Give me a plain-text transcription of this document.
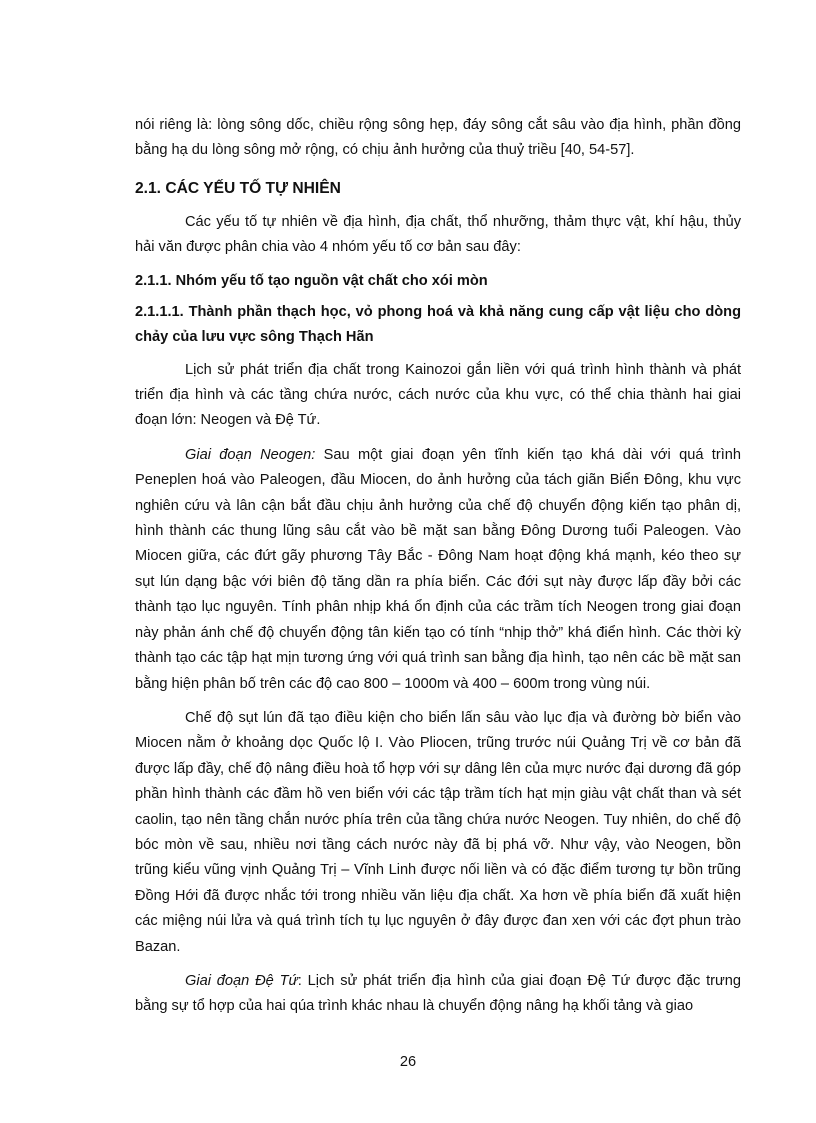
nói riêng là: lòng sông dốc, chiều rộng sông hẹp, đáy sông cắt sâu vào địa hình, phần đồng bằng hạ du lòng sông mở rộng, có chịu ảnh hưởng của thuỷ triều [40, 54-57].

2.1. CÁC YẾU TỐ TỰ NHIÊN

Các yếu tố tự nhiên về địa hình, địa chất, thổ nhưỡng, thảm thực vật, khí hậu, thủy hải văn được phân chia vào 4 nhóm yếu tố cơ bản sau đây:

2.1.1. Nhóm yếu tố tạo nguồn vật chất cho xói mòn
2.1.1.1. Thành phần thạch học, vỏ phong hoá và khả năng cung cấp vật liệu cho dòng chảy của lưu vực sông Thạch Hãn

Lịch sử phát triển địa chất trong Kainozoi gắn liền với quá trình hình thành và phát triển địa hình và các tầng chứa nước, cách nước của khu vực, có thể chia thành hai giai đoạn lớn: Neogen và Đệ Tứ.

Giai đoạn Neogen: Sau một giai đoạn yên tĩnh kiến tạo khá dài với quá trình Peneplen hoá vào Paleogen, đầu Miocen, do ảnh hưởng của tách giãn Biển Đông, khu vực nghiên cứu và lân cận bắt đầu chịu ảnh hưởng của chế độ chuyển động kiến tạo phân dị, hình thành các thung lũng sâu cắt vào bề mặt san bằng Đông Dương tuổi Paleogen. Vào Miocen giữa, các đứt gãy phương Tây Bắc - Đông Nam hoạt động khá mạnh, kéo theo sự sụt lún dạng bậc với biên độ tăng dần ra phía biển. Các đới sụt này được lấp đầy bởi các thành tạo lục nguyên. Tính phân nhịp khá ổn định của các trầm tích Neogen trong giai đoạn này phản ánh chế độ chuyển động tân kiến tạo có tính “nhịp thở” khá điển hình. Các thời kỳ thành tạo các tập hạt mịn tương ứng với quá trình san bằng địa hình, tạo nên các bề mặt san bằng hiện phân bố trên các độ cao 800 – 1000m và 400 – 600m trong vùng núi.

Chế độ sụt lún đã tạo điều kiện cho biển lấn sâu vào lục địa và đường bờ biển vào Miocen nằm ở khoảng dọc Quốc lộ I. Vào Pliocen, trũng trước núi Quảng Trị về cơ bản đã được lấp đầy, chế độ nâng điều hoà tổ hợp với sự dâng lên của mực nước đại dương đã góp phần hình thành các đầm hồ ven biển với các tập trầm tích hạt mịn giàu vật chất than và sét caolin, tạo nên tầng chắn nước phía trên của tầng chứa nước Neogen. Tuy nhiên, do chế độ bóc mòn về sau, nhiều nơi tầng cách nước này đã bị phá vỡ. Như vậy, vào Neogen, bồn trũng kiểu vũng vịnh Quảng Trị – Vĩnh Linh được nối liền và có đặc điểm tương tự bồn trũng Đồng Hới đã được nhắc tới trong nhiều văn liệu địa chất. Xa hơn về phía biển đã xuất hiện các miệng núi lửa và quá trình tích tụ lục nguyên ở đây được đan xen với các đợt phun trào Bazan.

Giai đoạn Đệ Tứ: Lịch sử phát triển địa hình của giai đoạn Đệ Tứ được đặc trưng bằng sự tổ hợp của hai qúa trình khác nhau là chuyển động nâng hạ khối tảng và giao

26
